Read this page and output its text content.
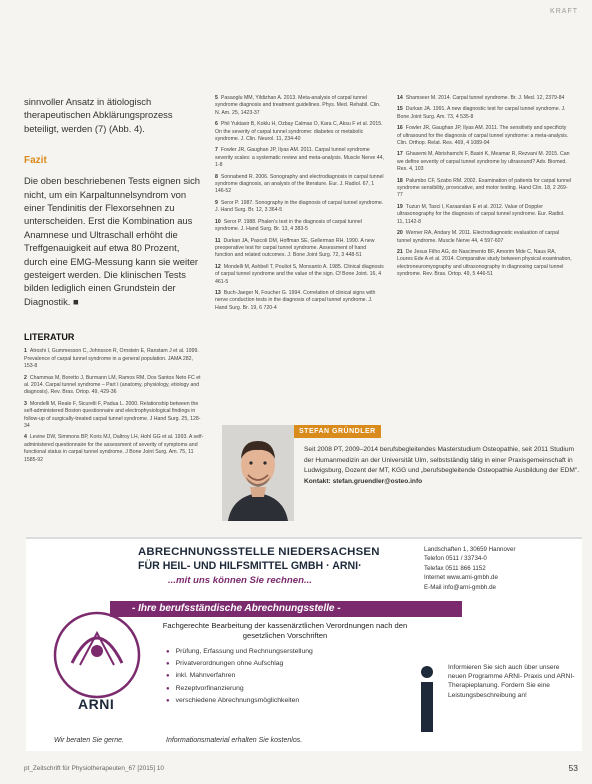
KRAFT

sinnvoller Ansatz in ätiologisch therapeutischen Abklärungsprozess beteiligt, werden (7) (Abb. 4).

Fazit

Die oben beschriebenen Tests eignen sich nicht, um ein Karpaltunnelsyndrom von einer Tendinitis der Flexorsehnen zu unterscheiden. Erst die Kombination aus Anamnese und Ultraschall erhöht die Treffgenauigkeit auf etwa 80 Prozent, durch eine EMG-Messung kann sie weiter gesteigert werden. Die klinischen Tests bilden lediglich einen Grundstein der Diagnostik. ■

LITERATUR

1 Atroshi I, Gummesson C, Johnsson R, Ornstein E, Ranstam J et al. 1999. Prevalence of carpal tunnel syndrome in a general population. JAMA 282, 153-8

2 Chammas M, Boretto J, Burmann LM, Ramos RM, Dos Santos Neto FC et al. 2014. Carpal tunnel syndrome – Part I (anatomy, physiology, etiology and diagnosis). Rev. Bras. Ortop. 49, 429-36

3 Mondelli M, Reale F, Sicurelli F, Padua L. 2000. Relationship between the self-administered Boston questionnaire and electrophysiological findings in follow-up of surgically-treated carpal tunnel syndrome. J Hand Surg. 25, 128-34

4 Levine DW, Simmons BP, Koris MJ, Daltroy LH, Hohl GG et al. 1993. A self-administered questionnaire for the assessment of severity of symptoms and functional status in carpal tunnel syndrome. J Bone Joint Surg. Am. 75, 11 1585-92

5 Pasaoglu MM, Yildizhan A. 2013. Meta-analysis of carpal tunnel syndrome diagnosis and treatment guidelines. Phys. Med. Rehabil. Clin. N. Am. 25, 1423-37

6 Phil Yuktasir B, Koklu H, Ozbay Calmas O, Kara C, Aksu F et al. 2015. On the severity of carpal tunnel syndrome: diabetes or metabolic syndrome. J. Clin. Neurol. 11, 234-40

7 Fowler JR, Gaughan JP, Ilyas AM. 2011. Carpal tunnel syndrome severity scales: a systematic review and meta-analysis. Muscle Nerve 44, 1-8

8 Sonnabend R. 2006. Sonography and electrodiagnosis in carpal tunnel syndrome diagnosis, an analysis of the literature. Eur. J. Radiol. 67, 1 146-52

9 Seror P. 1987. Sonography in the diagnosis of carpal tunnel syndrome. J. Hand Surg. Br. 12, 3 364-5

10 Seror P. 1988. Phalen's test in the diagnosis of carpal tunnel syndrome. J. Hand Surg. Br. 13, 4 383-5

11 Durkan JA, Pascoli DM, Hoffman SE, Gellerman RH. 1990. A new preoperative test for carpal tunnel syndrome. Assessment of hand function and related outcomes. J. Bone Joint Surg. 72, 3 448-51

12 Mondelli M, Ashbell T, Pouliot S, Monsanto A. 1985. Clinical diagnosis of carpal tunnel syndrome and the value of the sign. Cf Bone Joint. 16, 4 461-5

13 Buch-Jaeger N, Foucher G. 1994. Correlation of clinical signs with nerve conduction tests in the diagnosis of carpal tunnel syndrome. J. Hand Surg. Br. 19, 6 720-4

14 Shamseer M. 2014. Carpal tunnel syndrome. Br. J. Med. 12, 2379-84

15 Durkan JA. 1991. A new diagnostic test for carpal tunnel syndrome. J. Bone Joint Surg. Am. 73, 4 535-8

16 Fowler JR, Gaughan JP, Ilyas AM. 2011. The sensitivity and specificity of ultrasound for the diagnosis of carpal tunnel syndrome: a meta-analysis. Clin. Orthop. Relat. Res. 469, 4 1089-94

17 Ghasemi M, Abrishamchi F, Basiri K, Meamar R, Rezvani M. 2015. Can we define severity of carpal tunnel syndrome by ultrasound? Adv. Biomed. Res. 4, 103

18 Palumbo CF, Szabo RM. 2002. Examination of patients for carpal tunnel syndrome sensibility, provocative, and motor testing. Hand Clin. 18, 2 269-77

19 Tuzun M, Tasci I, Karaarslan E et al. 2012. Value of Doppler ultrasonography for the diagnosis of carpal tunnel syndrome. Eur. Radiol. 11, 1142-8

20 Werner RA, Andary M. 2011. Electrodiagnostic evaluation of carpal tunnel syndrome. Muscle Nerve 44, 4 597-607

21 De Jesus Filho AG, do Nascimento BF, Amorim Mde C, Naus RA, Loures Ede A et al. 2014. Comparative study between physical examination, electroneuromyography and ultrasonography in diagnosing carpal tunnel syndrome. Rev. Bras. Ortop. 49, 5 446-51

STEFAN GRÜNDLER
Seit 2008 PT, 2009–2014 berufsbegleitendes Masterstudium Osteopathie, seit 2011 Studium der Humanmedizin an der Universität Ulm, selbstständig tätig in einer Praxisgemeinschaft in Ludwigsburg, Dozent der MT, KGG und „berufsbegleitende Osteopathie Ausbildung der EDM".
Kontakt: stefan.gruendler@osteo.info
ARNI
ABRECHNUNGSSTELLE NIEDERSACHSEN
FÜR HEIL- UND HILFSMITTEL GMBH · ARNI·
...mit uns können Sie rechnen...
- Ihre berufsständische Abrechnungsstelle -
Fachgerechte Bearbeitung der kassenärztlichen Verordnungen nach den gesetzlichen Vorschriften
● Prüfung, Erfassung und Rechnungserstellung
● Privatverordnungen ohne Aufschlag
● inkl. Mahnverfahren
● Rezeptvorfinanzierung
● verschiedene Abrechnungsmöglichkeiten
Landschaften 1, 30659 Hannover
Telefon 0511 / 33734-0
Telefax 0511 866 1152
Internet www.arni-gmbh.de
E-Mail info@arni-gmbh.de
Informieren Sie sich auch über unsere neuen Programme ARNI- Praxis und ARNI- Therapieplanung. Fordern Sie eine Leistungsbeschreibung an!
Wir beraten Sie gerne.	Informationsmaterial erhalten Sie kostenlos.
pt_Zeitschrift für Physiotherapeuten_67 [2015] 10	53
